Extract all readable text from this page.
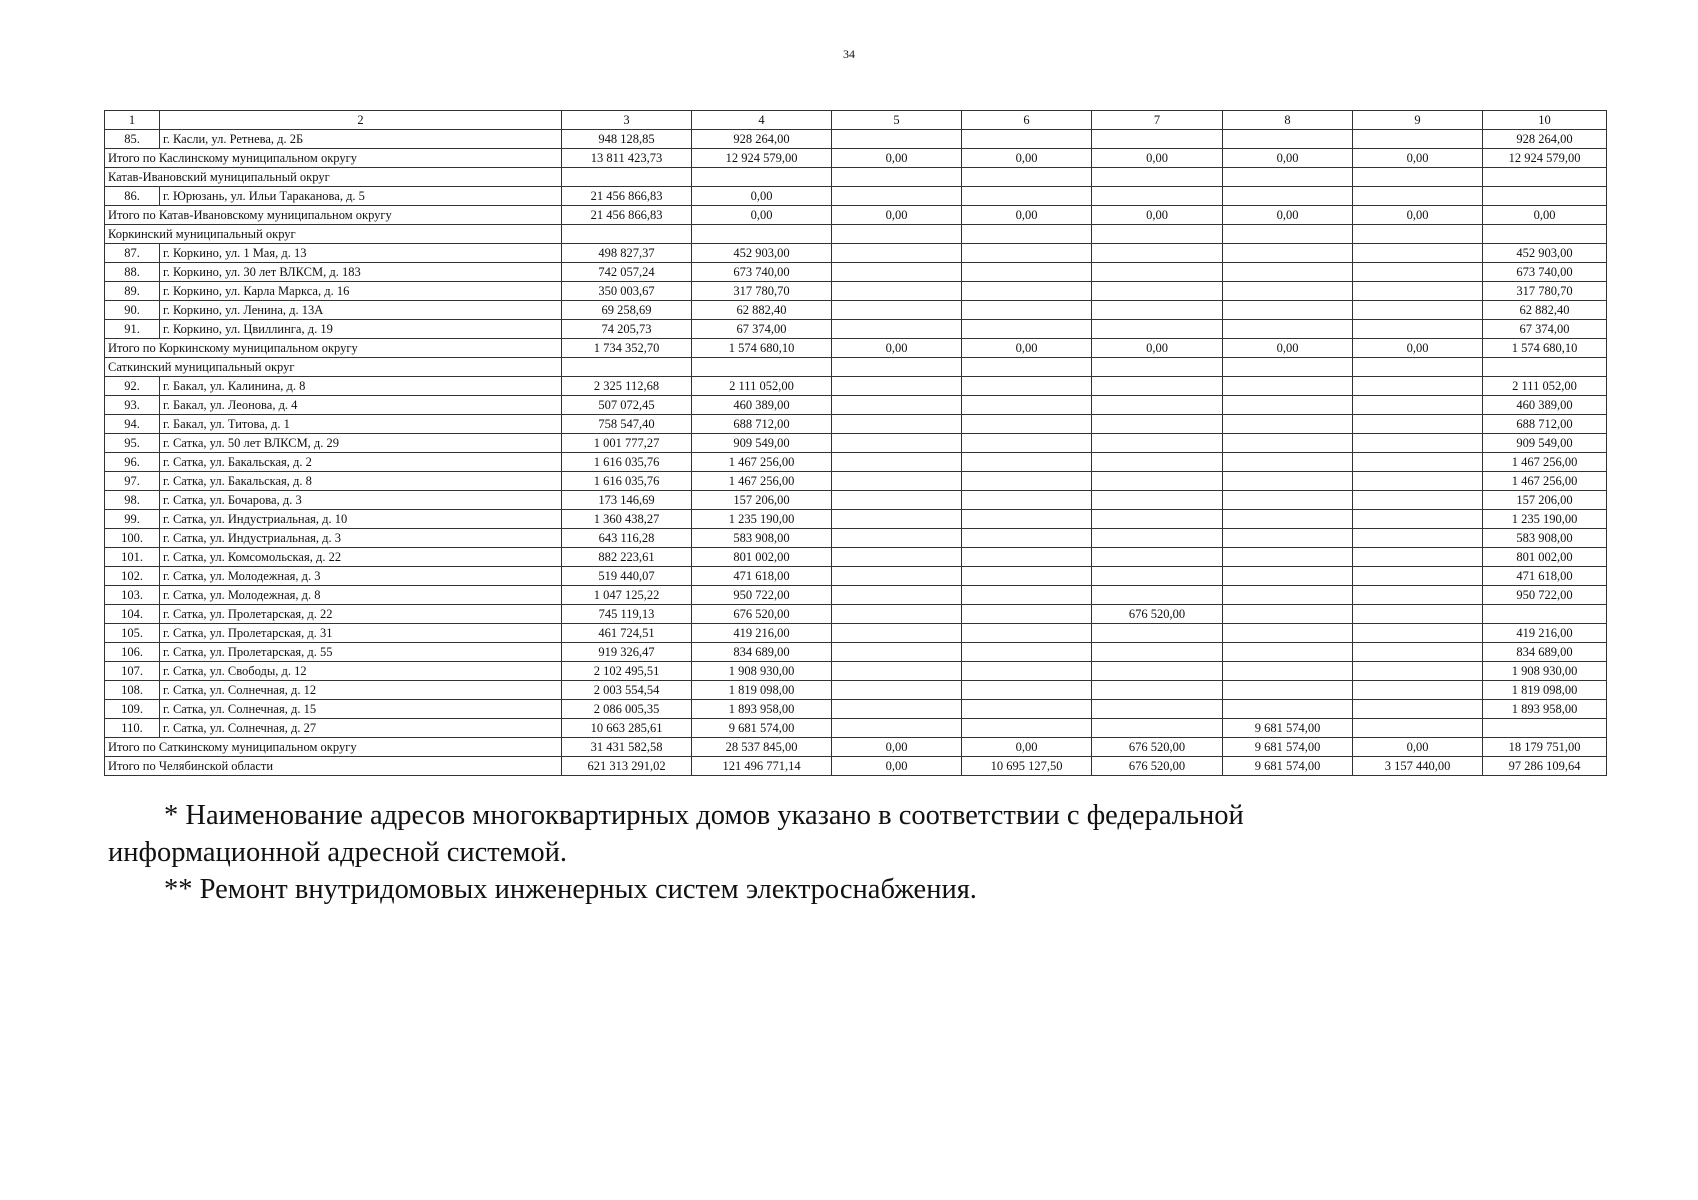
34
1	2	3	4	5	6	7	8	9	10
85.	г. Касли, ул. Ретнева, д. 2Б	948 128,85	928 264,00						928 264,00
Итого по Каслинскому муниципальном округу		13 811 423,73	12 924 579,00	0,00	0,00	0,00	0,00	0,00	12 924 579,00
Катав-Ивановский муниципальный округ									
86.	г. Юрюзань, ул. Ильи Тараканова, д. 5	21 456 866,83	0,00						
Итого по Катав-Ивановскому муниципальном округу		21 456 866,83	0,00	0,00	0,00	0,00	0,00	0,00	0,00
Коркинский муниципальный округ									
87.	г. Коркино, ул. 1 Мая, д. 13	498 827,37	452 903,00						452 903,00
88.	г. Коркино, ул. 30 лет ВЛКСМ, д. 183	742 057,24	673 740,00						673 740,00
89.	г. Коркино, ул. Карла Маркса, д. 16	350 003,67	317 780,70						317 780,70
90.	г. Коркино, ул. Ленина, д. 13А	69 258,69	62 882,40						62 882,40
91.	г. Коркино, ул. Цвиллинга, д. 19	74 205,73	67 374,00						67 374,00
Итого по Коркинскому муниципальном округу		1 734 352,70	1 574 680,10	0,00	0,00	0,00	0,00	0,00	1 574 680,10
Саткинский муниципальный округ									
92.	г. Бакал, ул. Калинина, д. 8	2 325 112,68	2 111 052,00						2 111 052,00
93.	г. Бакал, ул. Леонова, д. 4	507 072,45	460 389,00						460 389,00
94.	г. Бакал, ул. Титова, д. 1	758 547,40	688 712,00						688 712,00
95.	г. Сатка, ул. 50 лет ВЛКСМ, д. 29	1 001 777,27	909 549,00						909 549,00
96.	г. Сатка, ул. Бакальская, д. 2	1 616 035,76	1 467 256,00						1 467 256,00
97.	г. Сатка, ул. Бакальская, д. 8	1 616 035,76	1 467 256,00						1 467 256,00
98.	г. Сатка, ул. Бочарова, д. 3	173 146,69	157 206,00						157 206,00
99.	г. Сатка, ул. Индустриальная, д. 10	1 360 438,27	1 235 190,00						1 235 190,00
100.	г. Сатка, ул. Индустриальная, д. 3	643 116,28	583 908,00						583 908,00
101.	г. Сатка, ул. Комсомольская, д. 22	882 223,61	801 002,00						801 002,00
102.	г. Сатка, ул. Молодежная, д. 3	519 440,07	471 618,00						471 618,00
103.	г. Сатка, ул. Молодежная, д. 8	1 047 125,22	950 722,00						950 722,00
104.	г. Сатка, ул. Пролетарская, д. 22	745 119,13	676 520,00			676 520,00			
105.	г. Сатка, ул. Пролетарская, д. 31	461 724,51	419 216,00						419 216,00
106.	г. Сатка, ул. Пролетарская, д. 55	919 326,47	834 689,00						834 689,00
107.	г. Сатка, ул. Свободы, д. 12	2 102 495,51	1 908 930,00						1 908 930,00
108.	г. Сатка, ул. Солнечная, д. 12	2 003 554,54	1 819 098,00						1 819 098,00
109.	г. Сатка, ул. Солнечная, д. 15	2 086 005,35	1 893 958,00						1 893 958,00
110.	г. Сатка, ул. Солнечная, д. 27	10 663 285,61	9 681 574,00				9 681 574,00		
Итого по Саткинскому муниципальном округу		31 431 582,58	28 537 845,00	0,00	0,00	676 520,00	9 681 574,00	0,00	18 179 751,00
Итого по Челябинской области		621 313 291,02	121 496 771,14	0,00	10 695 127,50	676 520,00	9 681 574,00	3 157 440,00	97 286 109,64

* Наименование адресов многоквартирных домов указано в соответствии с федеральной

информационной адресной системой.

** Ремонт внутридомовых инженерных систем электроснабжения.
